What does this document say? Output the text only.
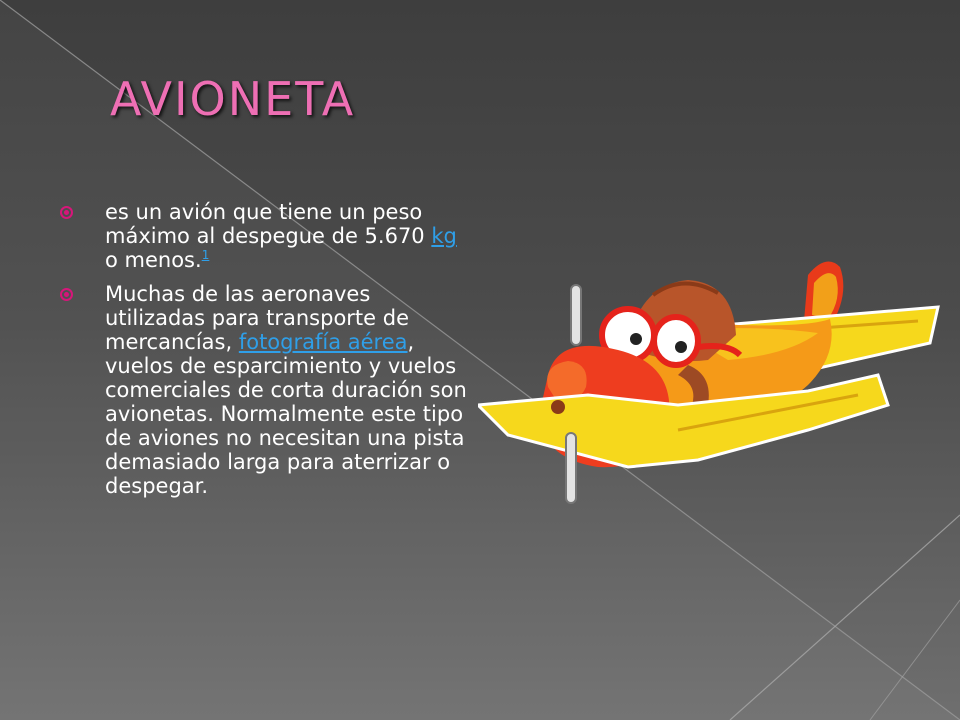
AVIONETA
es un avión que tiene un peso máximo al despegue de 5.670 kg o menos.$^1$
Muchas de las aeronaves utilizadas para transporte de mercancías, fotografía aérea, vuelos de esparcimiento y vuelos comerciales de corta duración son avionetas. Normalmente este tipo de aviones no necesitan una pista demasiado larga para aterrizar o despegar.
